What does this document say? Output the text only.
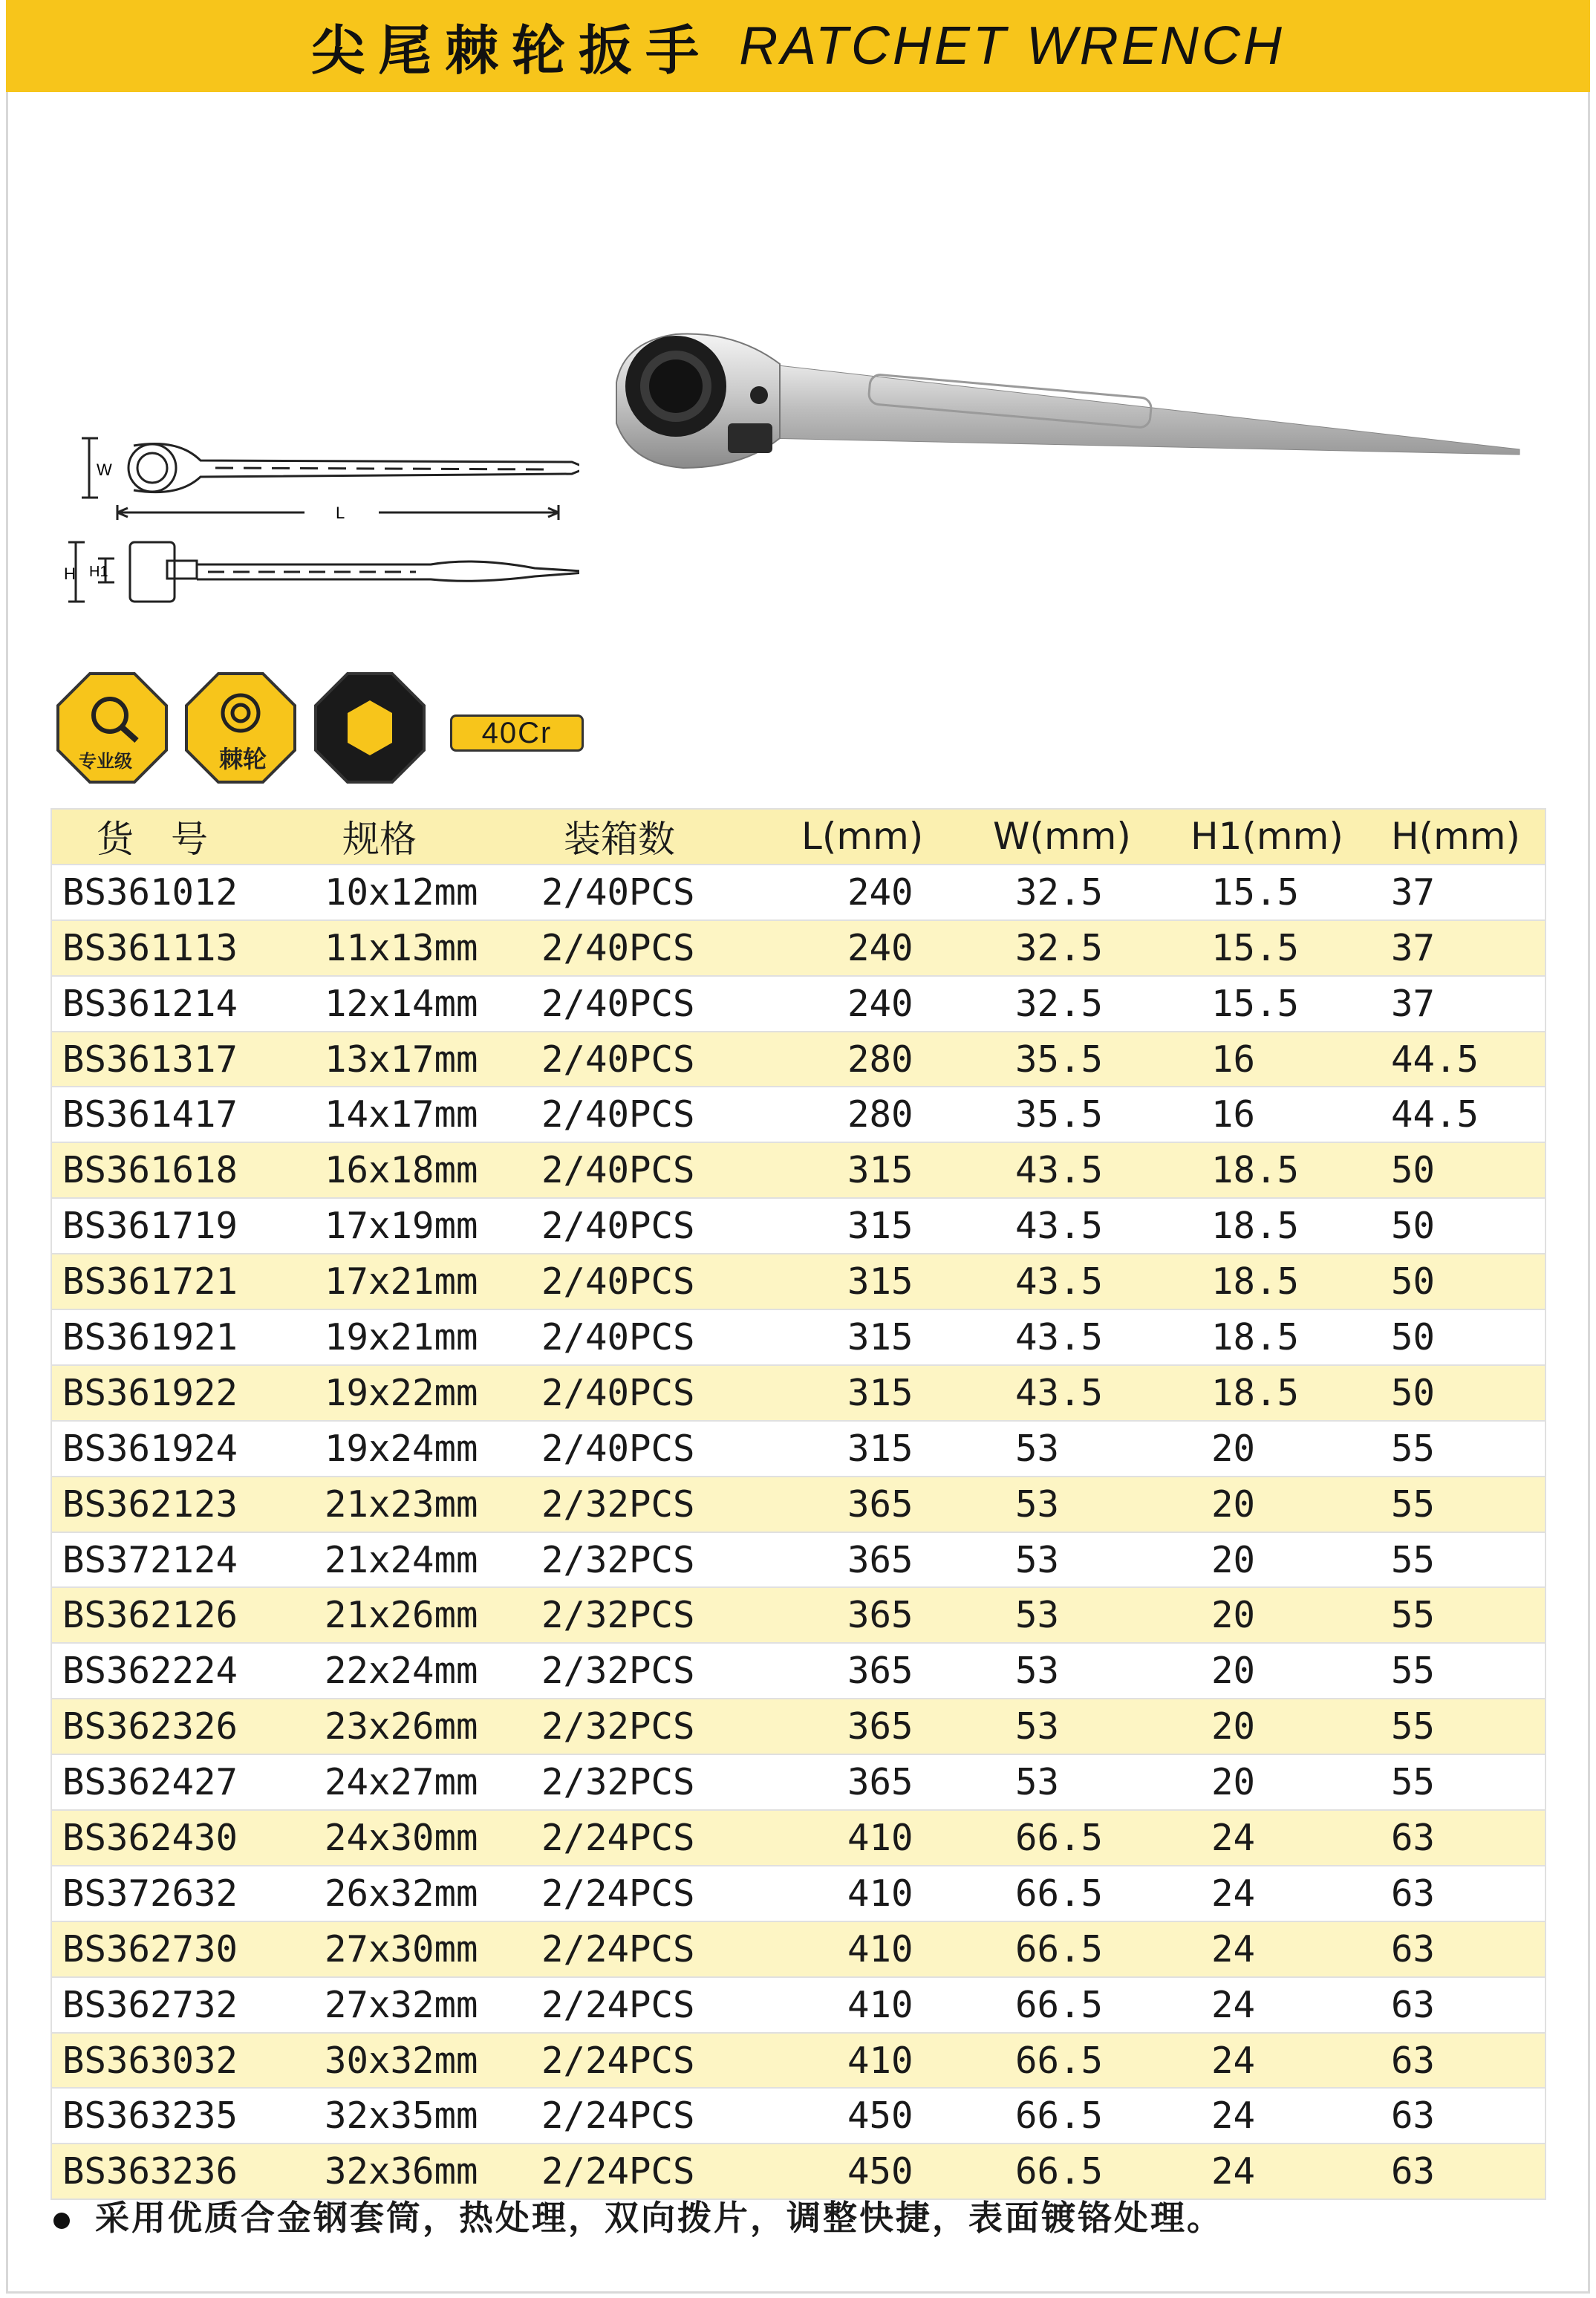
尖尾棘轮扳手 RATCHET WRENCH
W
L
H H1
专业级	棘轮
40Cr
货　号	规格	装箱数	L(mm)	W(mm)	H1(mm)	H(mm)
BS361012	10x12mm	2/40PCS	240	32.5	15.5	37
BS361113	11x13mm	2/40PCS	240	32.5	15.5	37
BS361214	12x14mm	2/40PCS	240	32.5	15.5	37
BS361317	13x17mm	2/40PCS	280	35.5	16	44.5
BS361417	14x17mm	2/40PCS	280	35.5	16	44.5
BS361618	16x18mm	2/40PCS	315	43.5	18.5	50
BS361719	17x19mm	2/40PCS	315	43.5	18.5	50
BS361721	17x21mm	2/40PCS	315	43.5	18.5	50
BS361921	19x21mm	2/40PCS	315	43.5	18.5	50
BS361922	19x22mm	2/40PCS	315	43.5	18.5	50
BS361924	19x24mm	2/40PCS	315	53	20	55
BS362123	21x23mm	2/32PCS	365	53	20	55
BS372124	21x24mm	2/32PCS	365	53	20	55
BS362126	21x26mm	2/32PCS	365	53	20	55
BS362224	22x24mm	2/32PCS	365	53	20	55
BS362326	23x26mm	2/32PCS	365	53	20	55
BS362427	24x27mm	2/32PCS	365	53	20	55
BS362430	24x30mm	2/24PCS	410	66.5	24	63
BS372632	26x32mm	2/24PCS	410	66.5	24	63
BS362730	27x30mm	2/24PCS	410	66.5	24	63
BS362732	27x32mm	2/24PCS	410	66.5	24	63
BS363032	30x32mm	2/24PCS	410	66.5	24	63
BS363235	32x35mm	2/24PCS	450	66.5	24	63
BS363236	32x36mm	2/24PCS	450	66.5	24	63
采用优质合金钢套筒，热处理，双向拨片，调整快捷，表面镀铬处理。
